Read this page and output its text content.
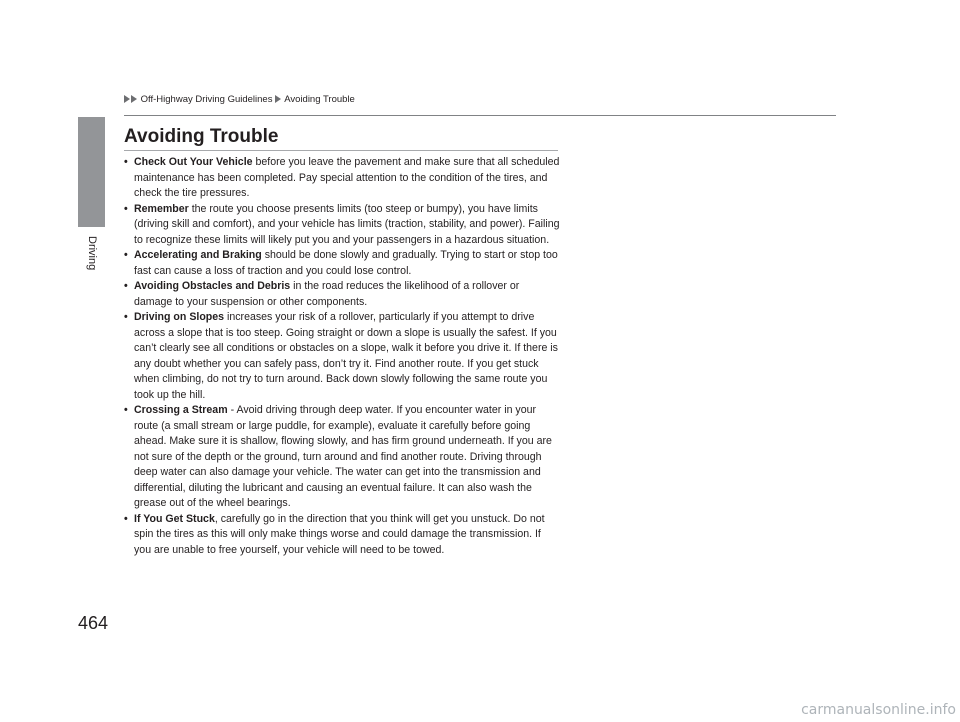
Off-Highway Driving Guidelines Avoiding Trouble
Driving
Avoiding Trouble

• Check Out Your Vehicle before you leave the pavement and make sure that all scheduled maintenance has been completed. Pay special attention to the condition of the tires, and check the tire pressures.

• Remember the route you choose presents limits (too steep or bumpy), you have limits (driving skill and comfort), and your vehicle has limits (traction, stability, and power). Failing to recognize these limits will likely put you and your passengers in a hazardous situation.

• Accelerating and Braking should be done slowly and gradually. Trying to start or stop too fast can cause a loss of traction and you could lose control.

• Avoiding Obstacles and Debris in the road reduces the likelihood of a rollover or damage to your suspension or other components.

• Driving on Slopes increases your risk of a rollover, particularly if you attempt to drive across a slope that is too steep. Going straight or down a slope is usually the safest. If you can’t clearly see all conditions or obstacles on a slope, walk it before you drive it. If there is any doubt whether you can safely pass, don’t try it. Find another route. If you get stuck when climbing, do not try to turn around. Back down slowly following the same route you took up the hill.

• Crossing a Stream - Avoid driving through deep water. If you encounter water in your route (a small stream or large puddle, for example), evaluate it carefully before going ahead. Make sure it is shallow, flowing slowly, and has firm ground underneath. If you are not sure of the depth or the ground, turn around and find another route. Driving through deep water can also damage your vehicle. The water can get into the transmission and differential, diluting the lubricant and causing an eventual failure. It can also wash the grease out of the wheel bearings.

• If You Get Stuck, carefully go in the direction that you think will get you unstuck. Do not spin the tires as this will only make things worse and could damage the transmission. If you are unable to free yourself, your vehicle will need to be towed.

464
carmanualsonline.info
